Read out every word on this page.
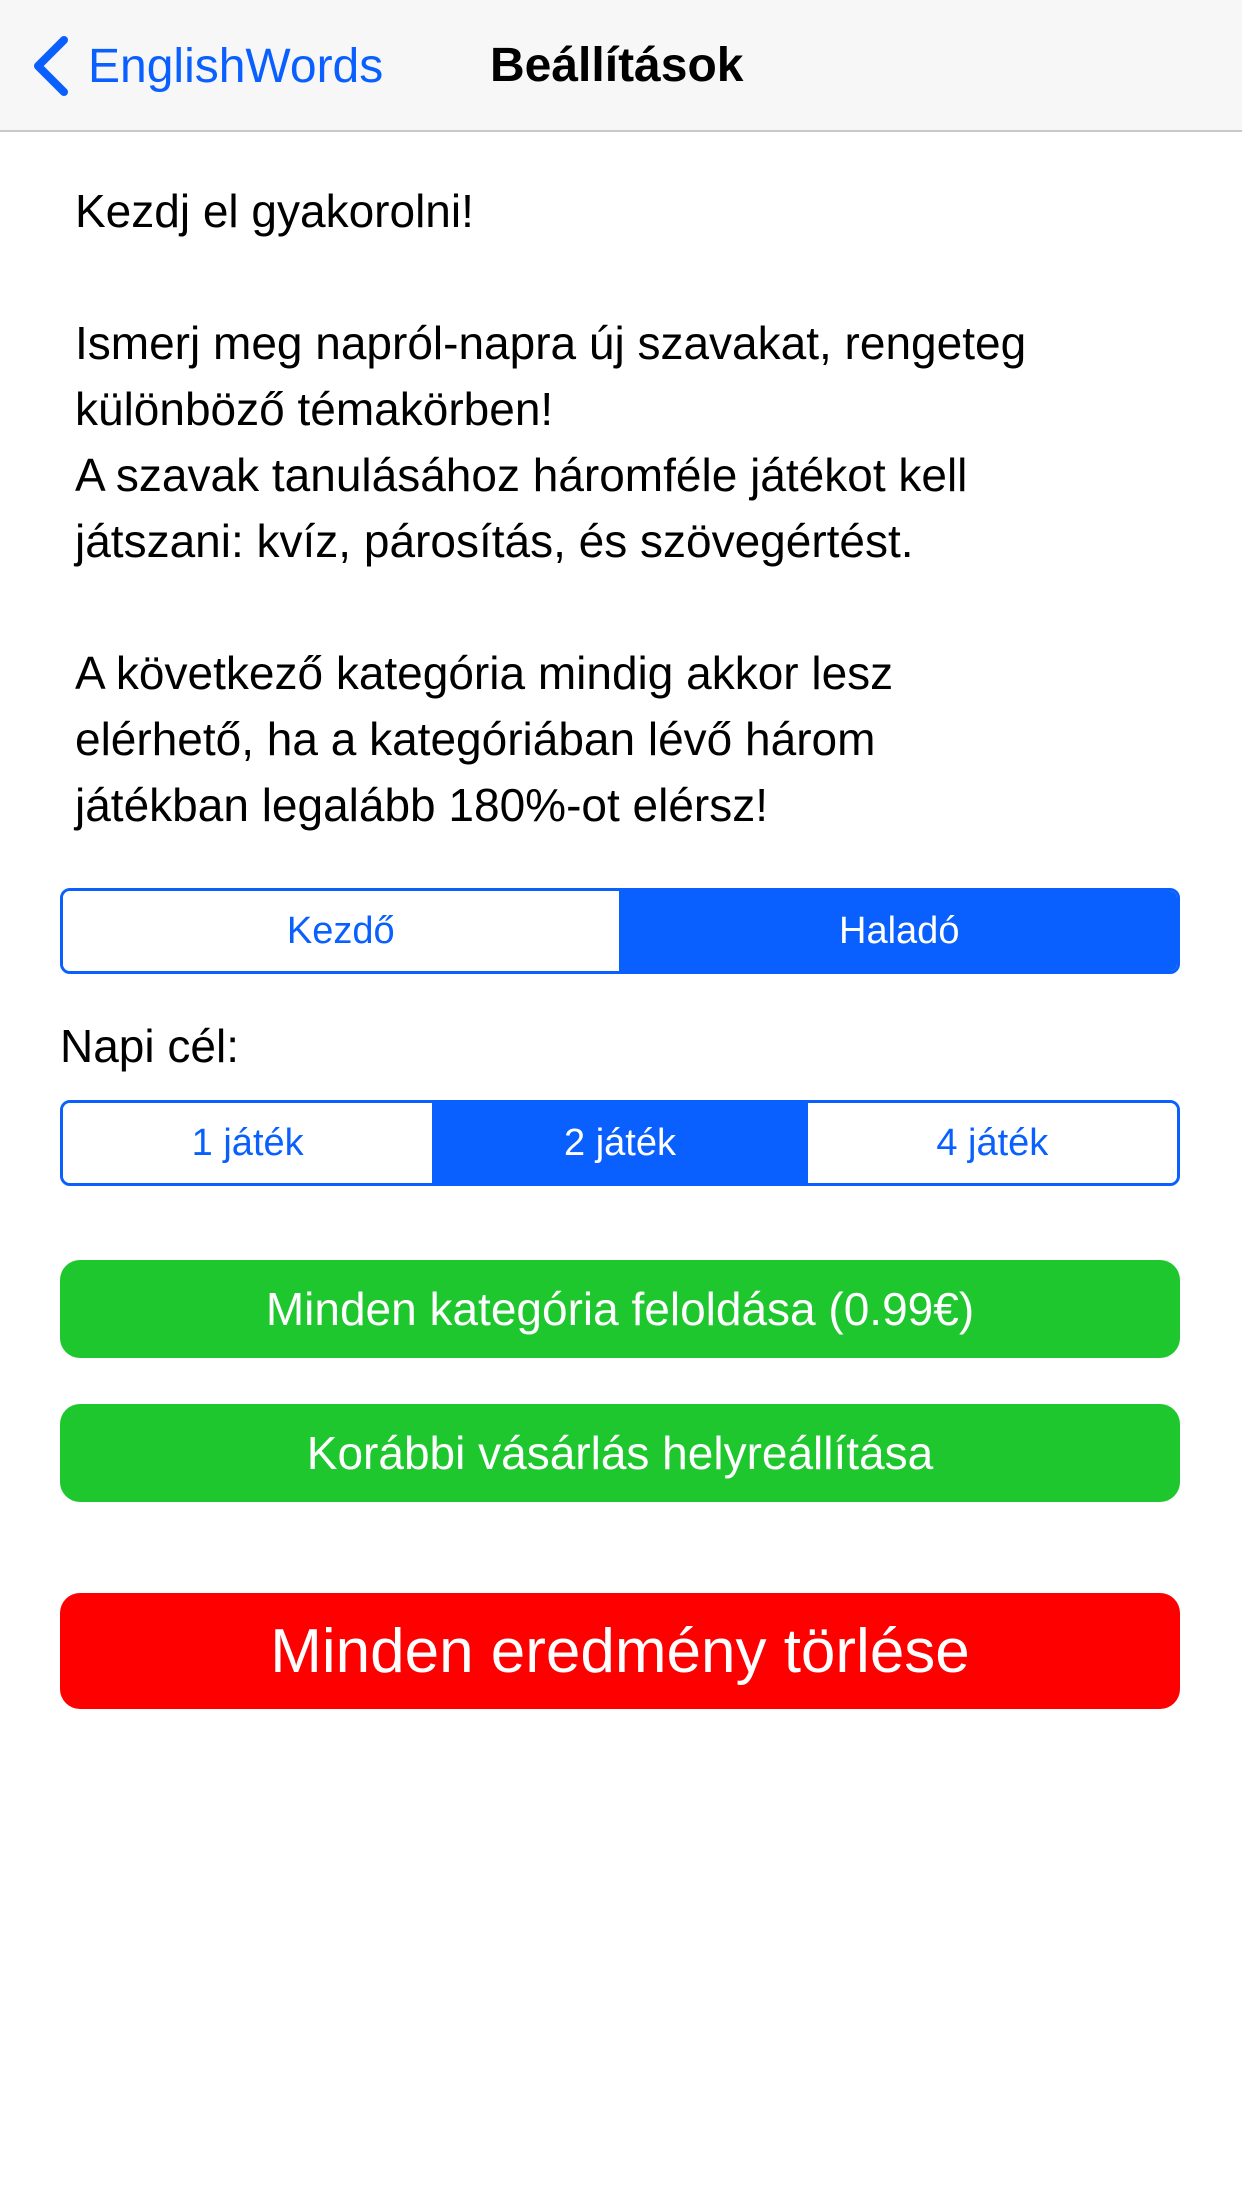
EnglishWords Beállítások

Kezdj el gyakorolni!

Ismerj meg napról-napra új szavakat, rengeteg
különböző témakörben!
A szavak tanulásához háromféle játékot kell
játszani: kvíz, párosítás, és szövegértést.

A következő kategória mindig akkor lesz
elérhető, ha a kategóriában lévő három
játékban legalább 180%-ot elérsz!

Kezdő	Haladó
Napi cél:
1 játék	2 játék	4 játék
Minden kategória feloldása (0.99€)
Korábbi vásárlás helyreállítása
Minden eredmény törlése
